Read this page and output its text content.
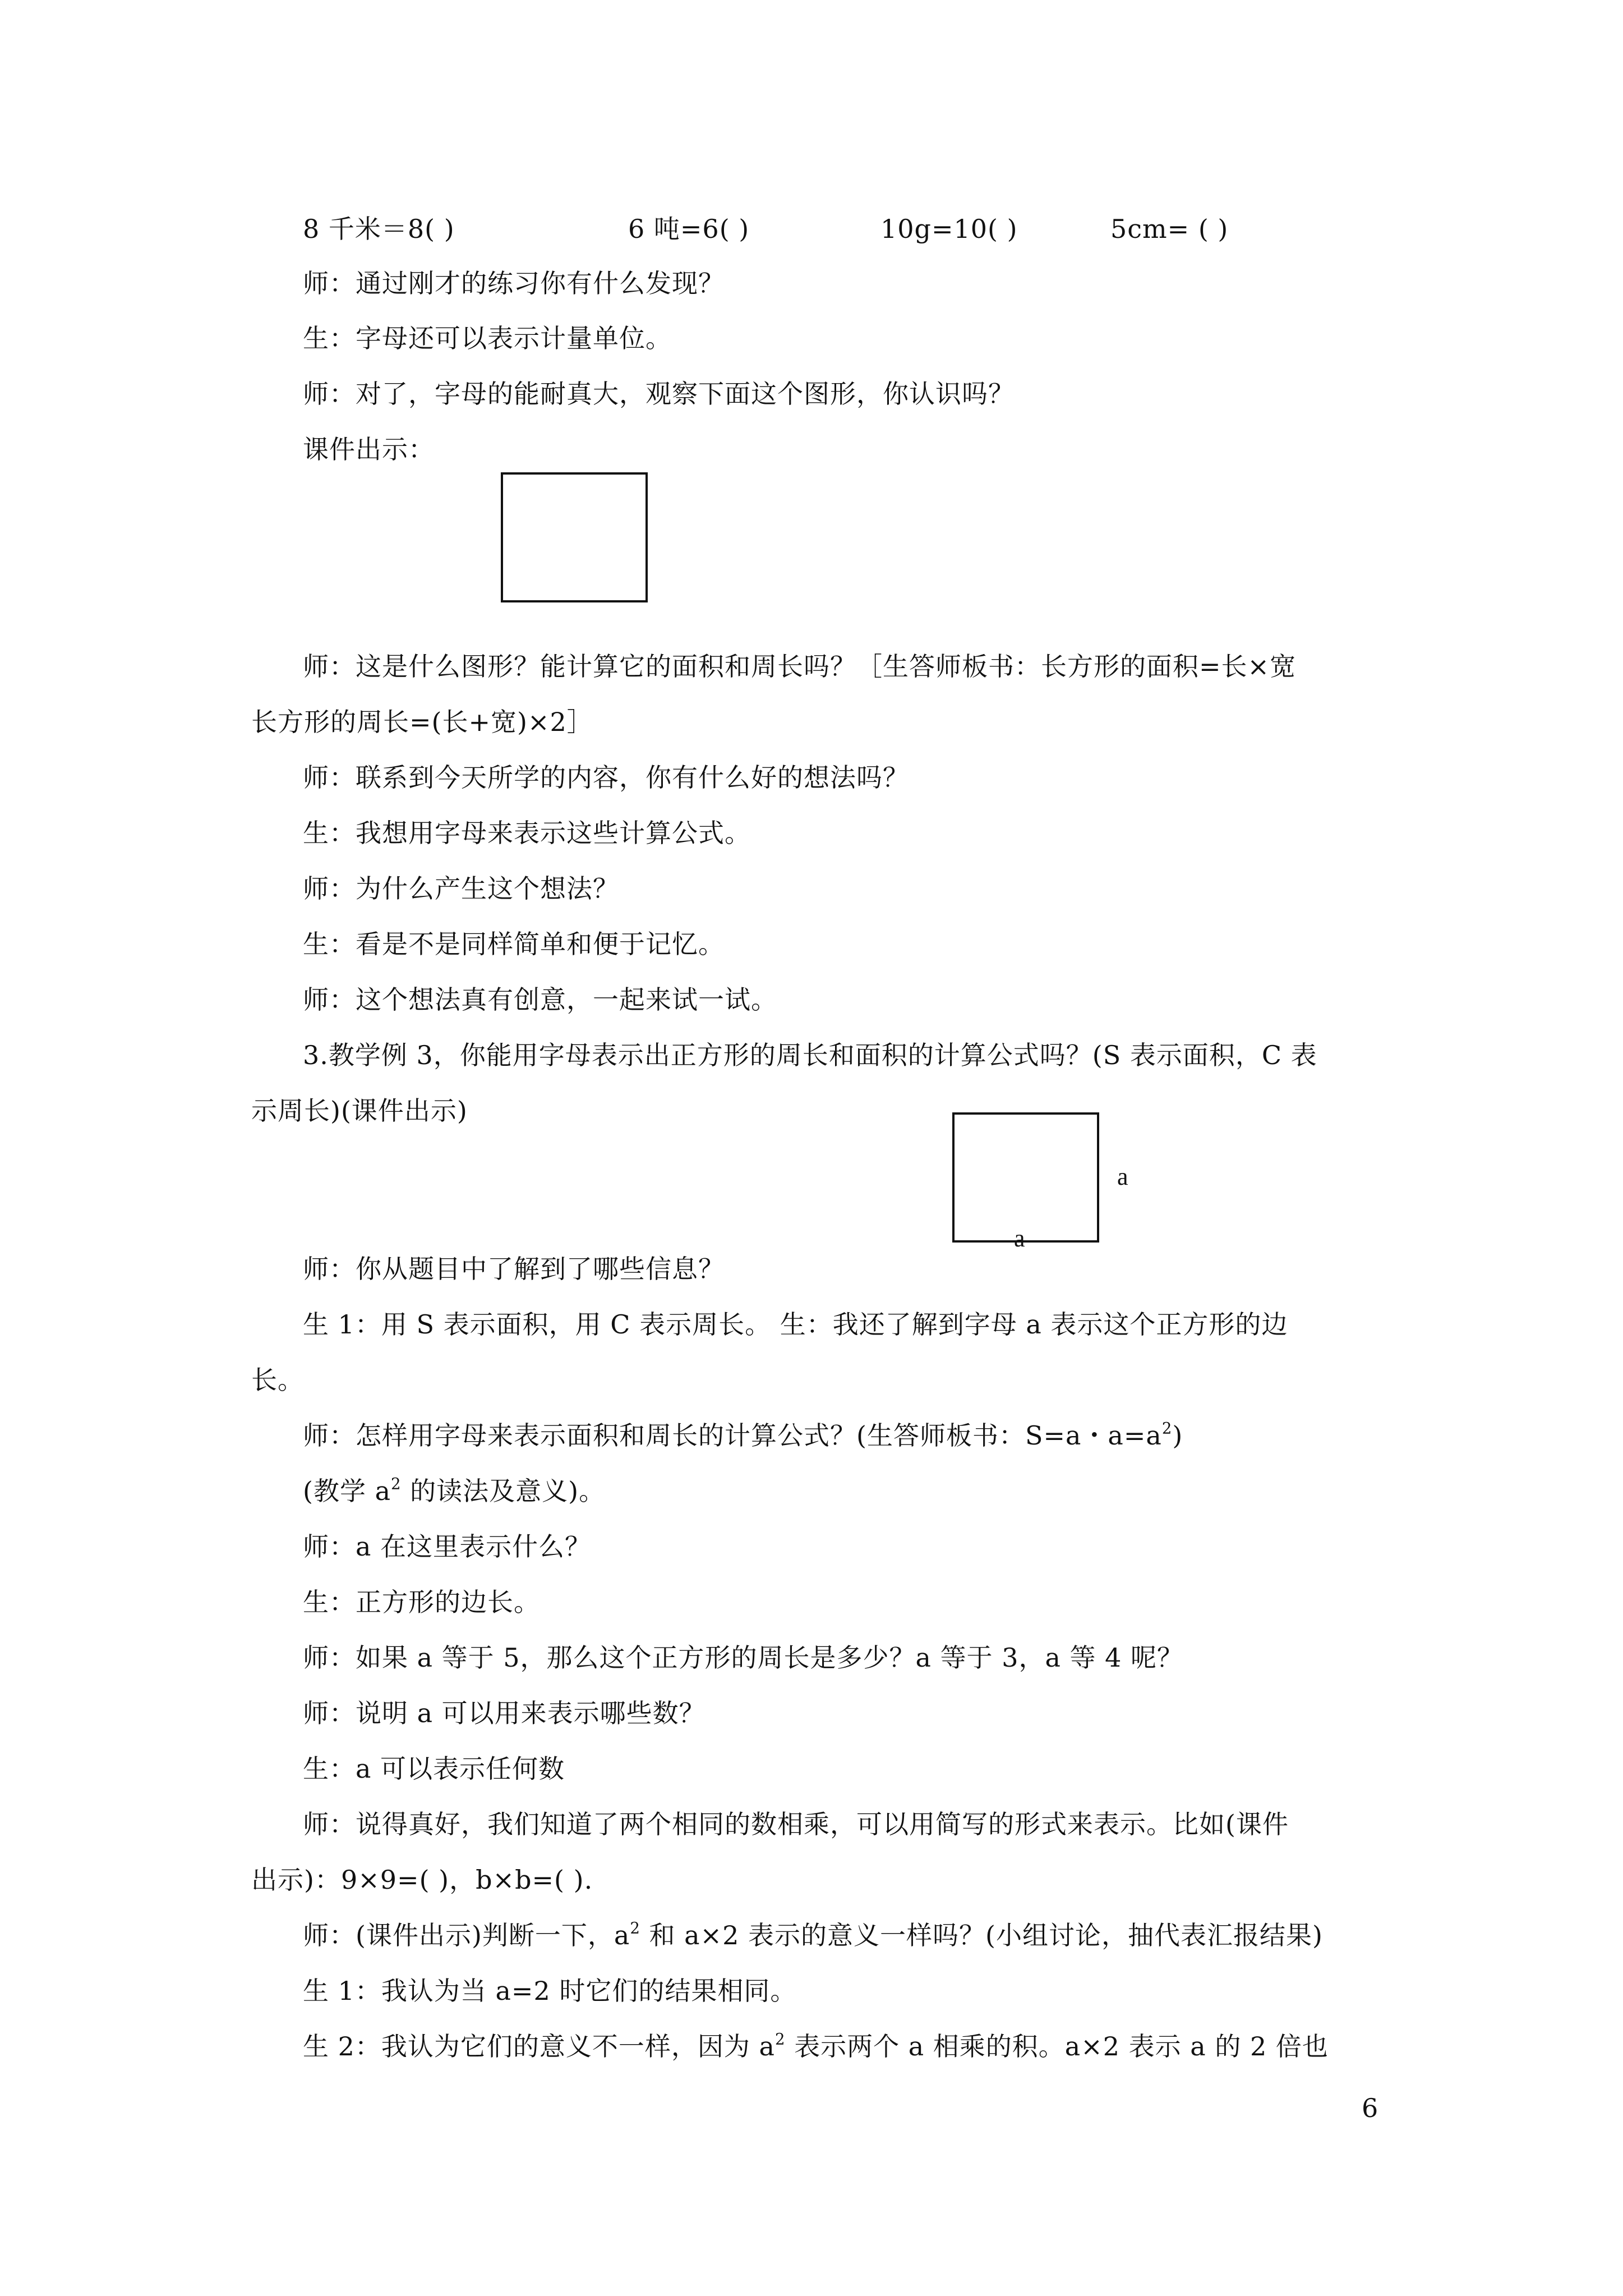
8 千米＝8( )	6 吨=6( )	10g=10( )	5cm= ( )
师：通过刚才的练习你有什么发现？
生：字母还可以表示计量单位。
师：对了，字母的能耐真大，观察下面这个图形，你认识吗？
课件出示：
师：这是什么图形？能计算它的面积和周长吗？［生答师板书：长方形的面积=长×宽
长方形的周长=(长+宽)×2］
师：联系到今天所学的内容，你有什么好的想法吗？
生：我想用字母来表示这些计算公式。
师：为什么产生这个想法？
生：看是不是同样简单和便于记忆。
师：这个想法真有创意，一起来试一试。
3.教学例 3，你能用字母表示出正方形的周长和面积的计算公式吗？(S 表示面积，C 表
示周长)(课件出示)
a
a
师：你从题目中了解到了哪些信息？
生 1：用 S 表示面积，用 C 表示周长。 生：我还了解到字母 a 表示这个正方形的边
长。
师：怎样用字母来表示面积和周长的计算公式？(生答师板书：S=a・$a=a^2$)
(教学 $a^2$ 的读法及意义)。
师：a 在这里表示什么？
生：正方形的边长。
师：如果 a 等于 5，那么这个正方形的周长是多少？a 等于 3，a 等 4 呢？
师：说明 a 可以用来表示哪些数？
生：a 可以表示任何数
师：说得真好，我们知道了两个相同的数相乘，可以用简写的形式来表示。比如(课件
出示)：9×9=( )，b×b=( ).
师：(课件出示)判断一下，$a^2$ 和 a×2 表示的意义一样吗？(小组讨论，抽代表汇报结果)
生 1：我认为当 a=2 时它们的结果相同。
生 2：我认为它们的意义不一样，因为 $a^2$ 表示两个 a 相乘的积。a×2 表示 a 的 2 倍也
6
